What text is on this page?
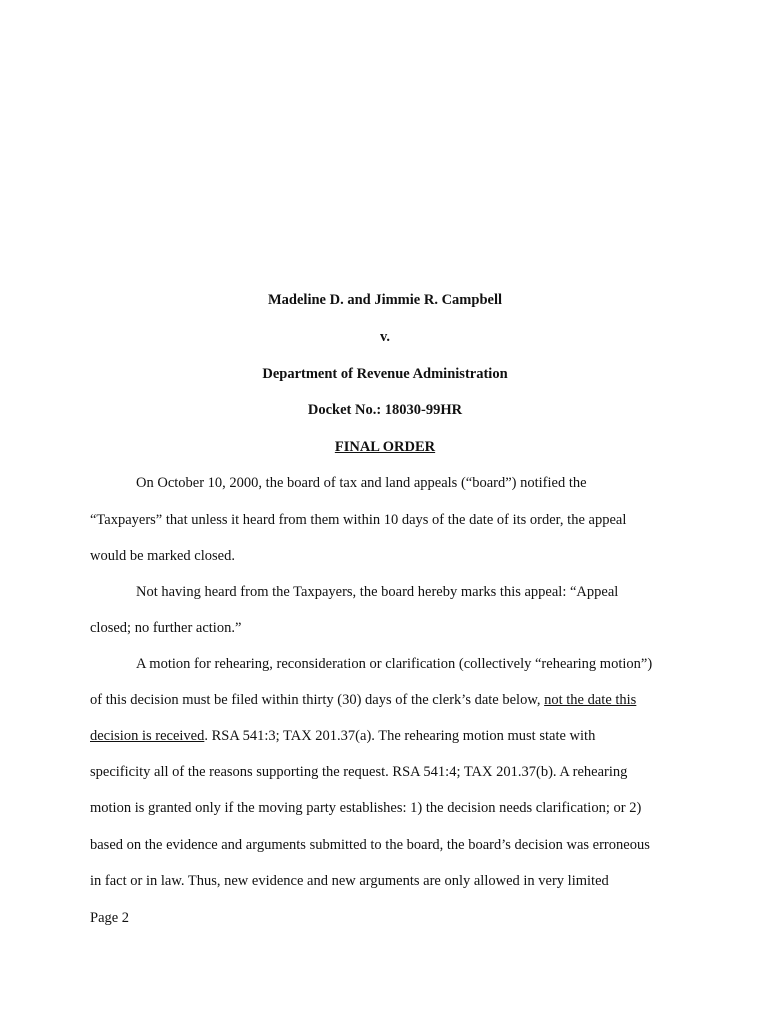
Madeline D. and Jimmie R. Campbell
v.
Department of Revenue Administration
Docket No.: 18030-99HR
FINAL ORDER
On October 10, 2000, the board of tax and land appeals (“board”) notified the
“Taxpayers” that unless it heard from them within 10 days of the date of its order, the appeal
would be marked closed.
Not having heard from the Taxpayers, the board hereby marks this appeal: “Appeal
closed; no further action.”
A motion for rehearing, reconsideration or clarification (collectively “rehearing motion”)
of this decision must be filed within thirty (30) days of the clerk’s date below, not the date this
decision is received. RSA 541:3; TAX 201.37(a). The rehearing motion must state with
specificity all of the reasons supporting the request. RSA 541:4; TAX 201.37(b). A rehearing
motion is granted only if the moving party establishes: 1) the decision needs clarification; or 2)
based on the evidence and arguments submitted to the board, the board’s decision was erroneous
in fact or in law. Thus, new evidence and new arguments are only allowed in very limited
Page 2
